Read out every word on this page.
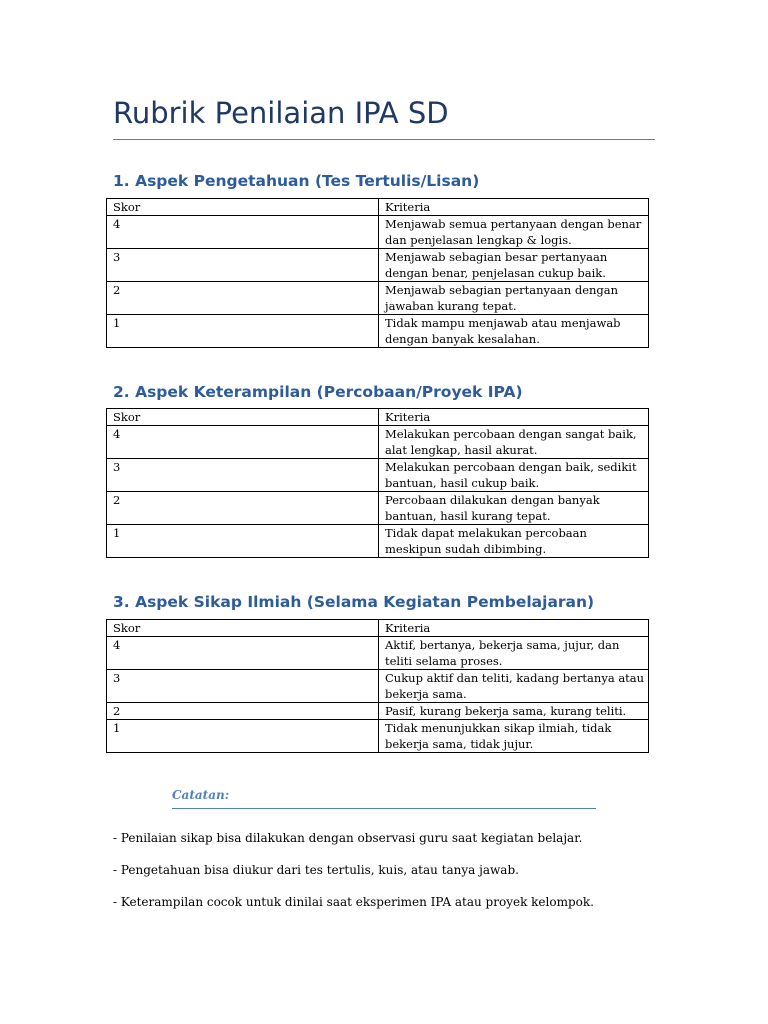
Rubrik Penilaian IPA SD
1. Aspek Pengetahuan (Tes Tertulis/Lisan)
Skor	Kriteria
4	Menjawab semua pertanyaan dengan benar dan penjelasan lengkap & logis.
3	Menjawab sebagian besar pertanyaan dengan benar, penjelasan cukup baik.
2	Menjawab sebagian pertanyaan dengan jawaban kurang tepat.
1	Tidak mampu menjawab atau menjawab dengan banyak kesalahan.
2. Aspek Keterampilan (Percobaan/Proyek IPA)
Skor	Kriteria
4	Melakukan percobaan dengan sangat baik, alat lengkap, hasil akurat.
3	Melakukan percobaan dengan baik, sedikit bantuan, hasil cukup baik.
2	Percobaan dilakukan dengan banyak bantuan, hasil kurang tepat.
1	Tidak dapat melakukan percobaan meskipun sudah dibimbing.
3. Aspek Sikap Ilmiah (Selama Kegiatan Pembelajaran)
Skor	Kriteria
4	Aktif, bertanya, bekerja sama, jujur, dan teliti selama proses.
3	Cukup aktif dan teliti, kadang bertanya atau bekerja sama.
2	Pasif, kurang bekerja sama, kurang teliti.
1	Tidak menunjukkan sikap ilmiah, tidak bekerja sama, tidak jujur.
Catatan:
- Penilaian sikap bisa dilakukan dengan observasi guru saat kegiatan belajar.
- Pengetahuan bisa diukur dari tes tertulis, kuis, atau tanya jawab.
- Keterampilan cocok untuk dinilai saat eksperimen IPA atau proyek kelompok.
